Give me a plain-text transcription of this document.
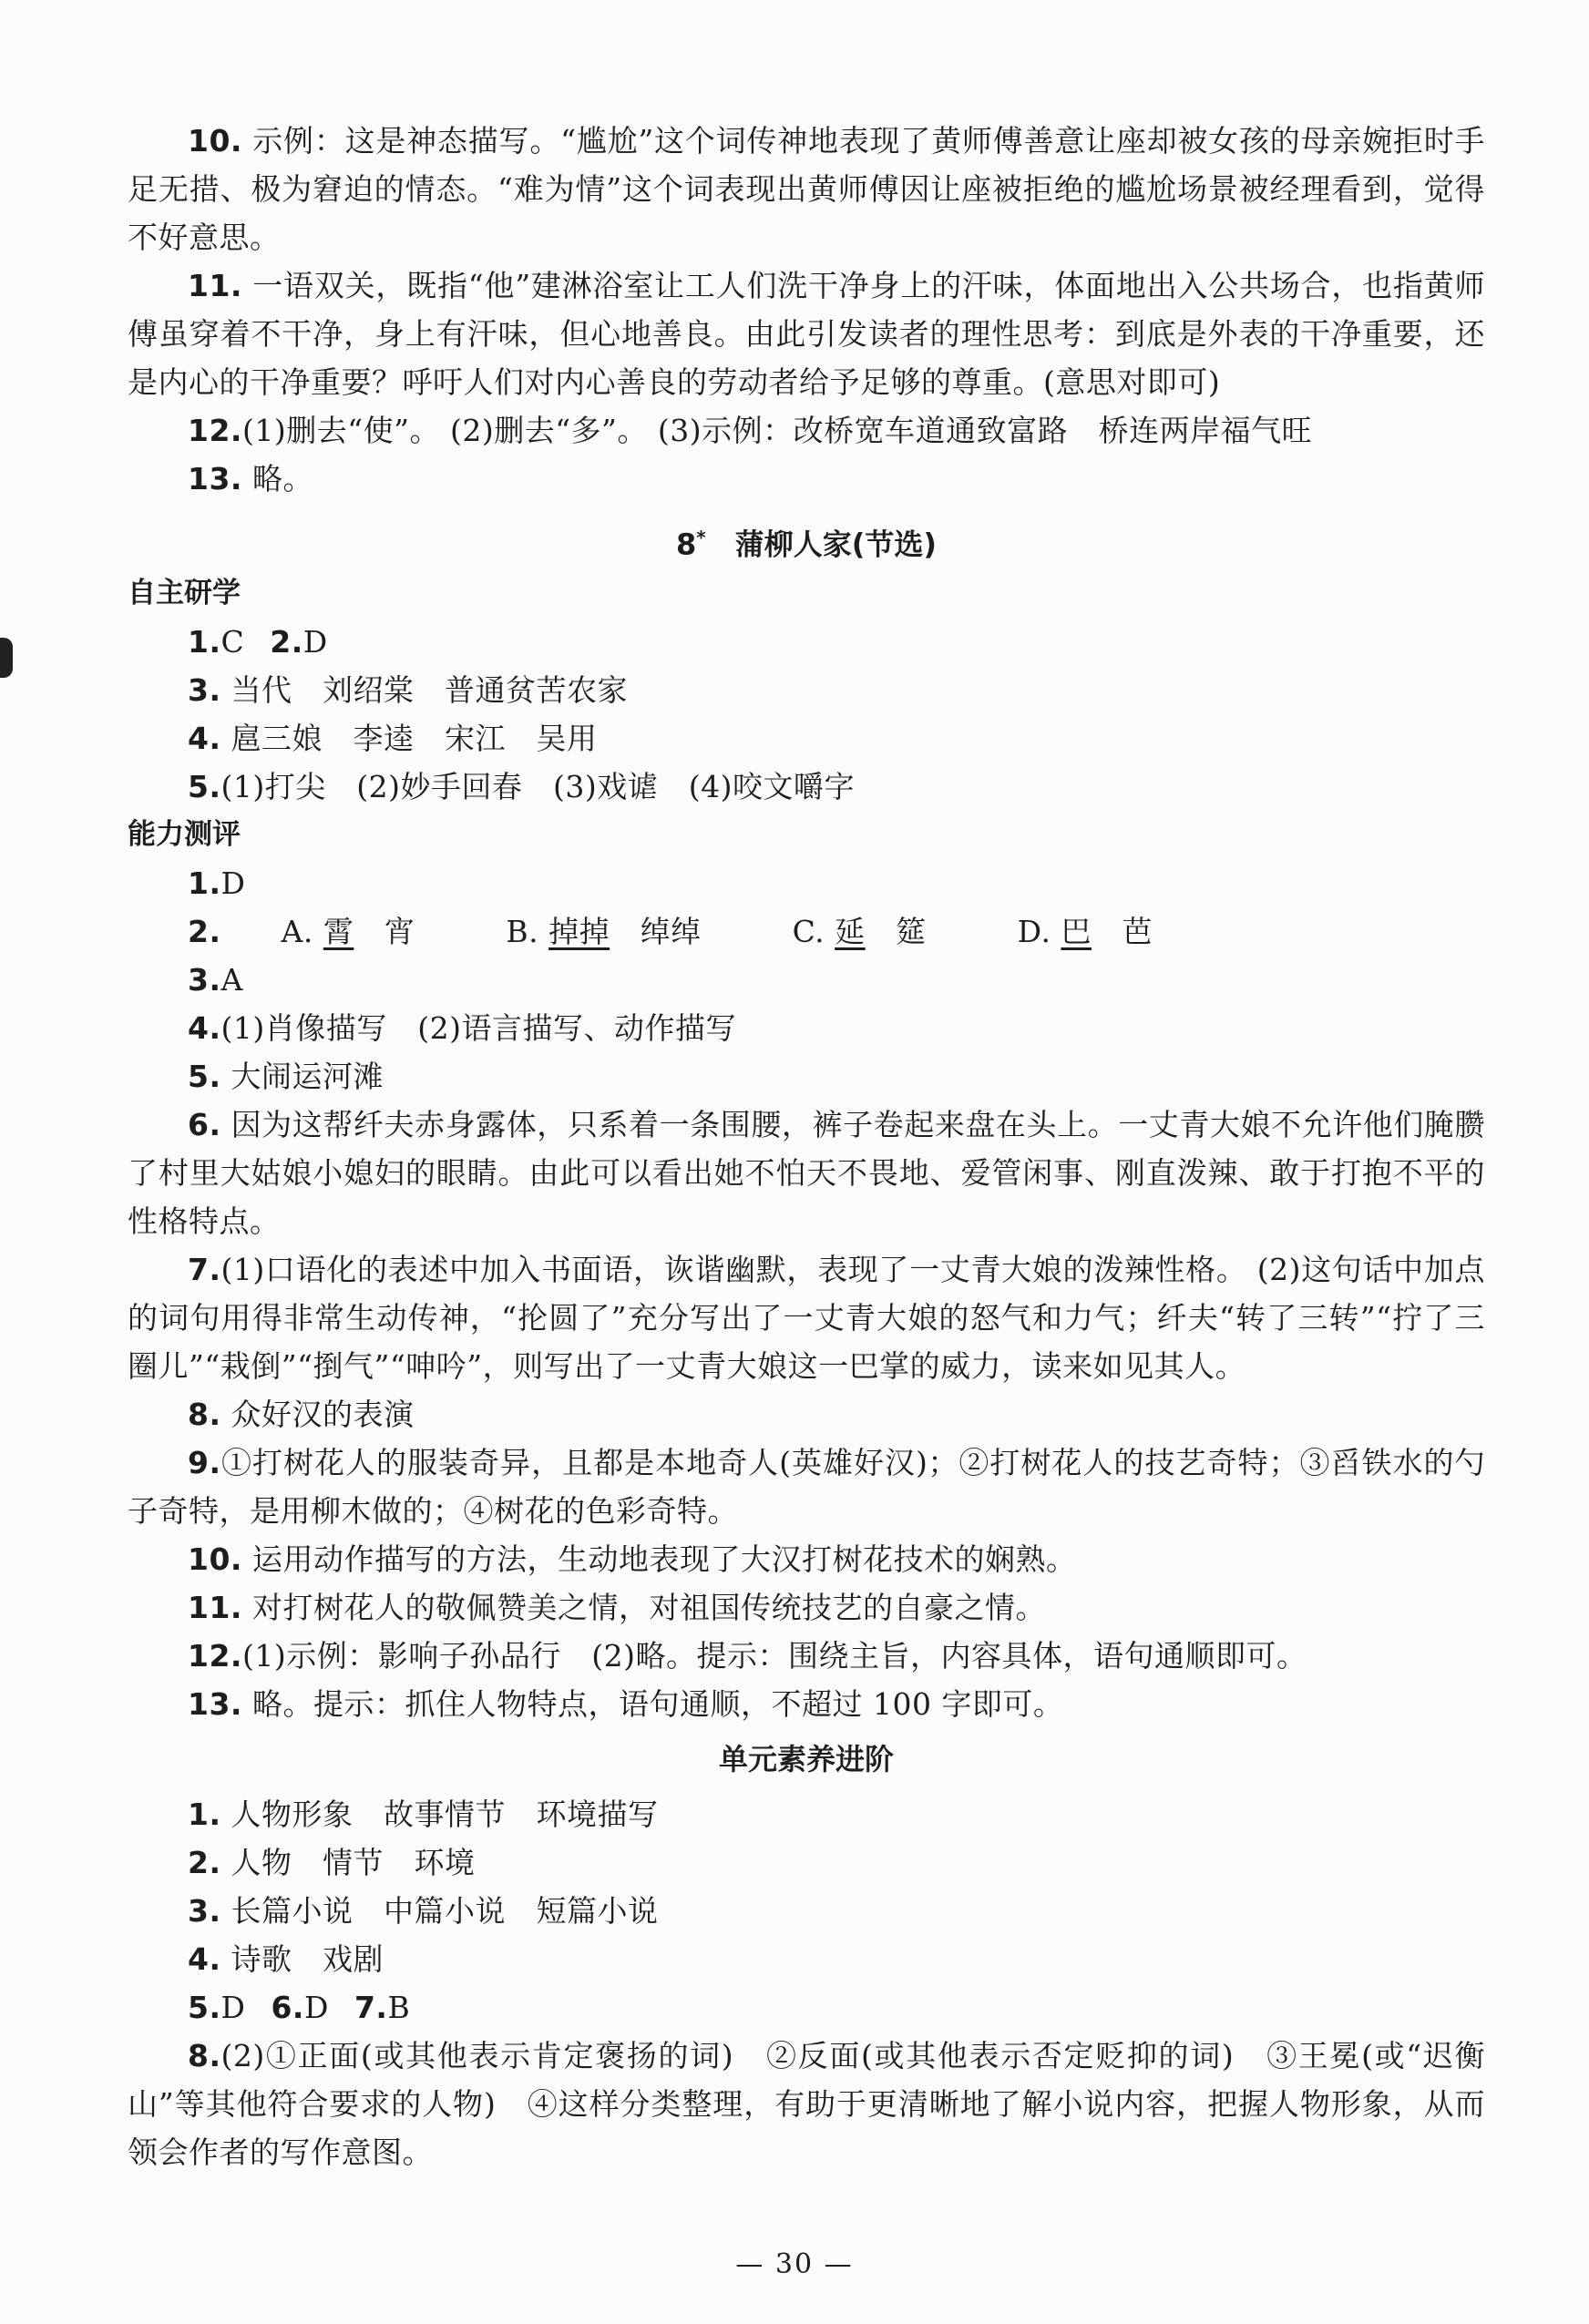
10. 示例：这是神态描写。“尴尬”这个词传神地表现了黄师傅善意让座却被女孩的母亲婉拒时手足无措、极为窘迫的情态。“难为情”这个词表现出黄师傅因让座被拒绝的尴尬场景被经理看到，觉得不好意思。

11. 一语双关，既指“他”建淋浴室让工人们洗干净身上的汗味，体面地出入公共场合，也指黄师傅虽穿着不干净，身上有汗味，但心地善良。由此引发读者的理性思考：到底是外表的干净重要，还是内心的干净重要？呼吁人们对内心善良的劳动者给予足够的尊重。(意思对即可)

12.(1)删去“使”。 (2)删去“多”。 (3)示例：改桥宽车道通致富路　桥连两岸福气旺

13. 略。

8*　 蒲柳人家(节选)

自主研学

1.C 2.D

3. 当代　刘绍棠　普通贫苦农家

4. 扈三娘　李逵　宋江　吴用

5.(1)打尖　(2)妙手回春　(3)戏谑　(4)咬文嚼字

能力测评

1.D

2. A. 霄　 宵	B. 掉掉　 绰绰	C. 延　 筵	D. 巴　 芭

3.A

4.(1)肖像描写　(2)语言描写、动作描写

5. 大闹运河滩

6. 因为这帮纤夫赤身露体，只系着一条围腰，裤子卷起来盘在头上。一丈青大娘不允许他们腌臜了村里大姑娘小媳妇的眼睛。由此可以看出她不怕天不畏地、爱管闲事、刚直泼辣、敢于打抱不平的性格特点。

7.(1)口语化的表述中加入书面语，诙谐幽默，表现了一丈青大娘的泼辣性格。 (2)这句话中加点的词句用得非常生动传神，“抡圆了”充分写出了一丈青大娘的怒气和力气；纤夫“转了三转”“拧了三圈儿”“栽倒”“捯气”“呻吟”，则写出了一丈青大娘这一巴掌的威力，读来如见其人。

8. 众好汉的表演

9.①打树花人的服装奇异，且都是本地奇人(英雄好汉)；②打树花人的技艺奇特；③舀铁水的勺子奇特，是用柳木做的；④树花的色彩奇特。

10. 运用动作描写的方法，生动地表现了大汉打树花技术的娴熟。

11. 对打树花人的敬佩赞美之情，对祖国传统技艺的自豪之情。

12.(1)示例：影响子孙品行　(2)略。提示：围绕主旨，内容具体，语句通顺即可。

13. 略。提示：抓住人物特点，语句通顺，不超过 100 字即可。

单元素养进阶

1. 人物形象　故事情节　环境描写

2. 人物　情节　环境

3. 长篇小说　中篇小说　短篇小说

4. 诗歌　戏剧

5.D 6.D 7.B

8.(2)①正面(或其他表示肯定褒扬的词)　②反面(或其他表示否定贬抑的词)　③王冕(或“迟衡山”等其他符合要求的人物)　④这样分类整理，有助于更清晰地了解小说内容，把握人物形象，从而领会作者的写作意图。

— 30 —
